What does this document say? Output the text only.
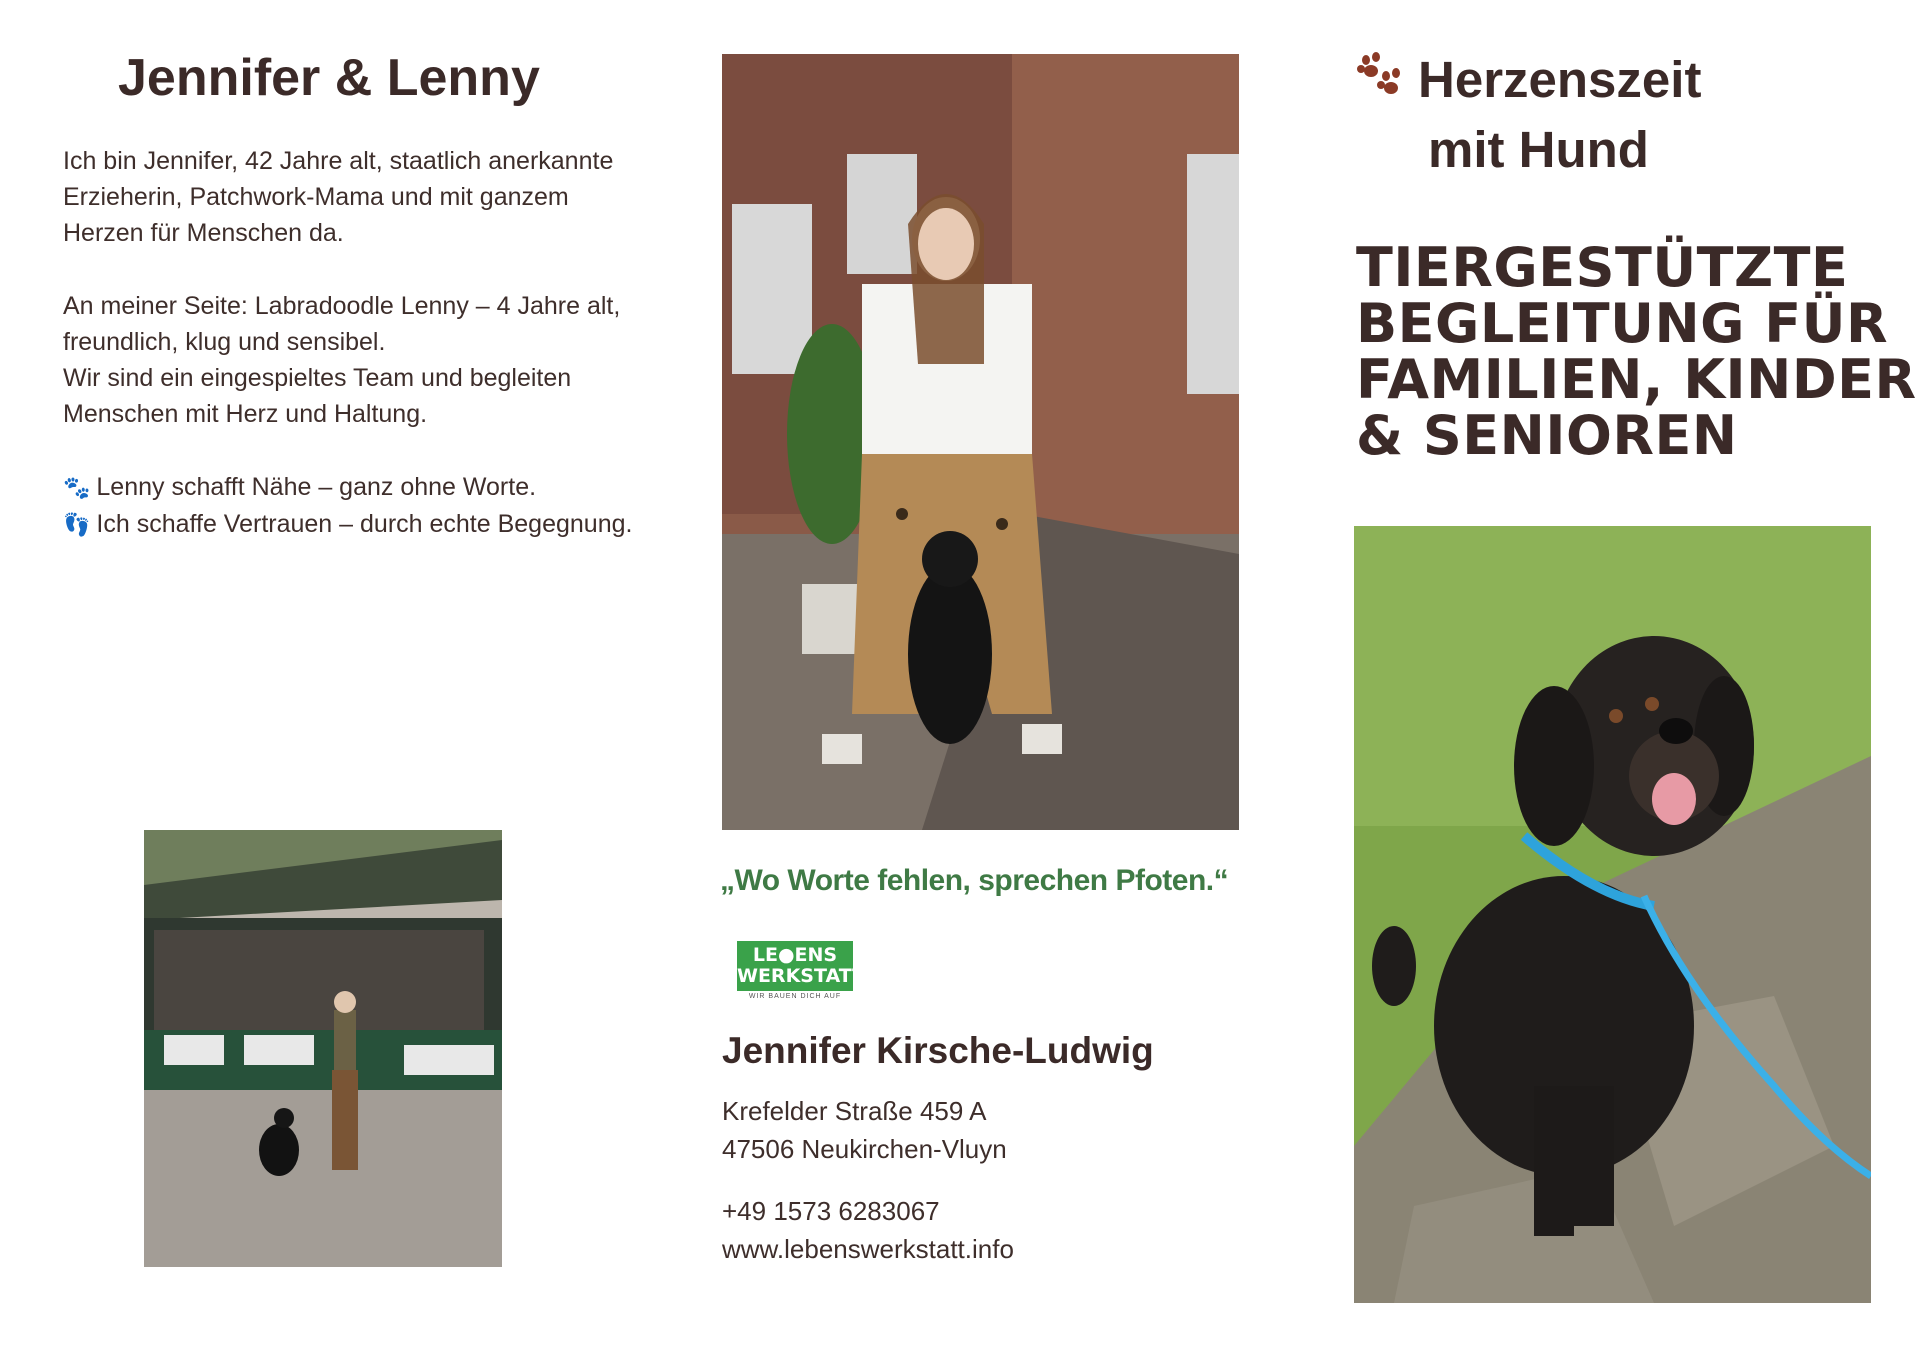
Jennifer & Lenny
Ich bin Jennifer, 42 Jahre alt, staatlich anerkannte Erzieherin, Patchwork-Mama und mit ganzem Herzen für Menschen da.
An meiner Seite: Labradoodle Lenny – 4 Jahre alt, freundlich, klug und sensibel.
Wir sind ein eingespieltes Team und begleiten Menschen mit Herz und Haltung.
🐾 Lenny schafft Nähe – ganz ohne Worte.
👣 Ich schaffe Vertrauen – durch echte Begegnung.
„Wo Worte fehlen, sprechen Pfoten.“
LE●ENS
WERKSTATT
WIR BAUEN DICH AUF
Jennifer Kirsche-Ludwig
Krefelder Straße 459 A
47506 Neukirchen-Vluyn
+49 1573 6283067
www.lebenswerkstatt.info
Herzenszeit
mit Hund
TIERGESTÜTZTE
BEGLEITUNG FÜR
FAMILIEN, KINDER
& SENIOREN
